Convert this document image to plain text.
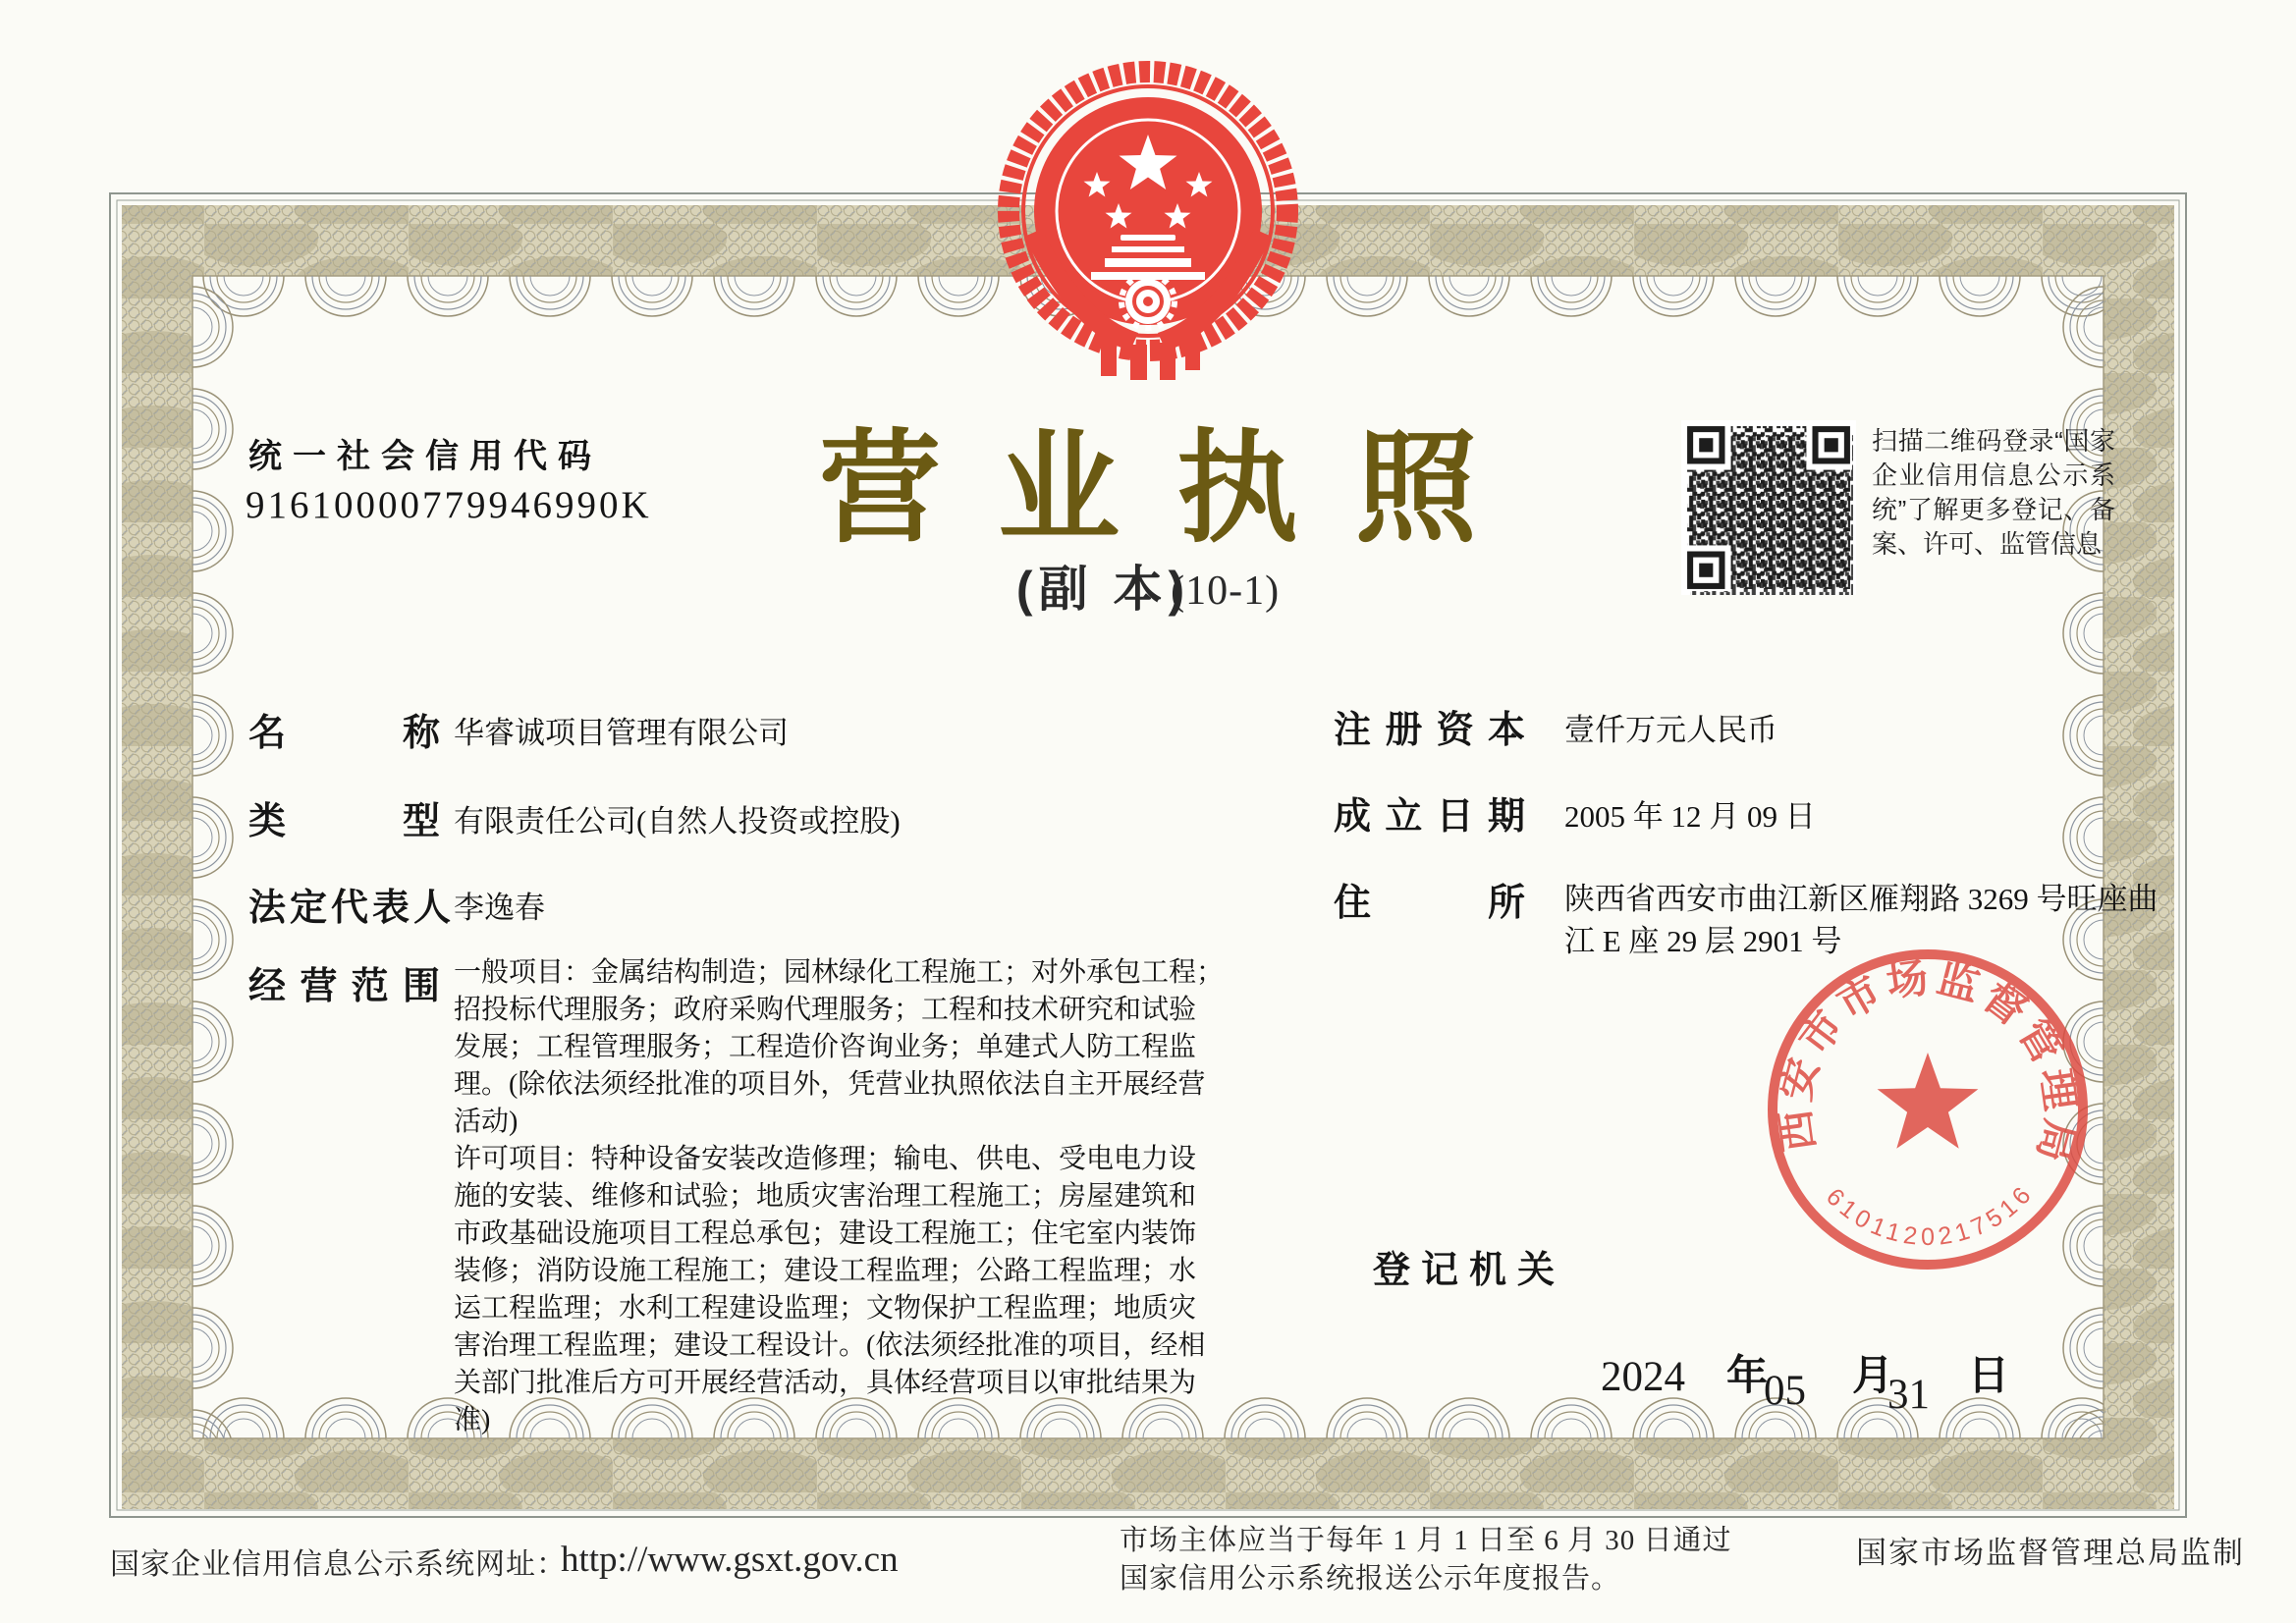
统一社会信用代码
91610000779946990K	营业执照
(副 本)(10-1)
扫描二维码登录“国家企业信用信息公示系统”了解更多登记、备案、许可、监管信息
名称 华睿诚项目管理有限公司
类型 有限责任公司(自然人投资或控股)
法定代表人 李逸春
经营范围 一般项目：金属结构制造；园林绿化工程施工；对外承包工程；
招投标代理服务；政府采购代理服务；工程和技术研究和试验
发展；工程管理服务；工程造价咨询业务；单建式人防工程监
理。(除依法须经批准的项目外，凭营业执照依法自主开展经营
活动)
许可项目：特种设备安装改造修理；输电、供电、受电电力设
施的安装、维修和试验；地质灾害治理工程施工；房屋建筑和
市政基础设施项目工程总承包；建设工程施工；住宅室内装饰
装修；消防设施工程施工；建设工程监理；公路工程监理；水
运工程监理；水利工程建设监理；文物保护工程监理；地质灾
害治理工程监理；建设工程设计。(依法须经批准的项目，经相
关部门批准后方可开展经营活动，具体经营项目以审批结果为
准)
注册资本 壹仟万元人民币
成立日期 2005 年 12 月 09 日
住所 陕西省西安市曲江新区雁翔路 3269 号旺座曲江 E 座 29 层 2901 号
登记机关
西安市市场监督管理局
6101120217516
2024 年
05 月
31 日
国家企业信用信息公示系统网址：http://www.gsxt.gov.cn	市场主体应当于每年 1 月 1 日至 6 月 30 日通过
国家信用公示系统报送公示年度报告。
国家市场监督管理总局监制
